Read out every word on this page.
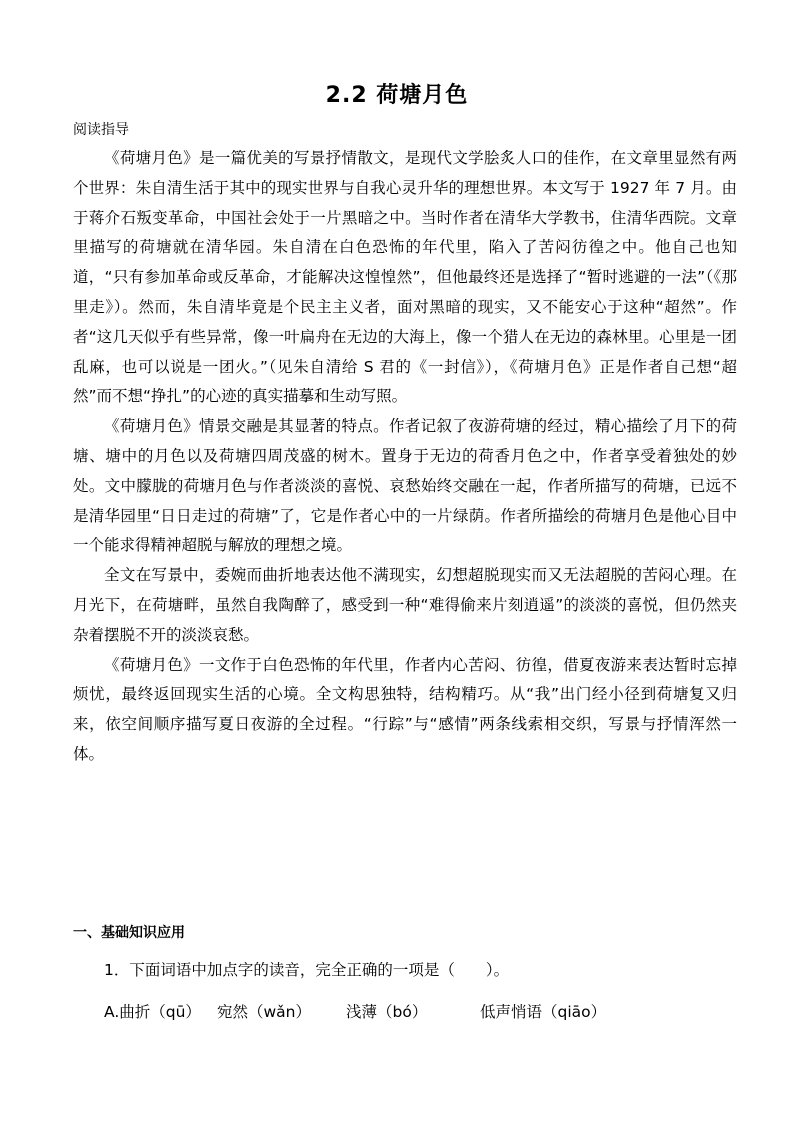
2.2 荷塘月色
阅读指导

《荷塘月色》是一篇优美的写景抒情散文，是现代文学脍炙人口的佳作，在文章里显然有两个世界：朱自清生活于其中的现实世界与自我心灵升华的理想世界。本文写于 1927 年 7 月。由于蒋介石叛变革命，中国社会处于一片黑暗之中。当时作者在清华大学教书，住清华西院。文章里描写的荷塘就在清华园。朱自清在白色恐怖的年代里，陷入了苦闷彷徨之中。他自己也知道，“只有参加革命或反革命，才能解决这惶惶然”，但他最终还是选择了“暂时逃避的一法”（《那里走》）。然而，朱自清毕竟是个民主主义者，面对黑暗的现实，又不能安心于这种“超然”。作者“这几天似乎有些异常，像一叶扁舟在无边的大海上，像一个猎人在无边的森林里。心里是一团乱麻，也可以说是一团火。”（见朱自清给 S 君的《一封信》），《荷塘月色》正是作者自己想“超然”而不想“挣扎”的心迹的真实描摹和生动写照。

《荷塘月色》情景交融是其显著的特点。作者记叙了夜游荷塘的经过，精心描绘了月下的荷塘、塘中的月色以及荷塘四周茂盛的树木。置身于无边的荷香月色之中，作者享受着独处的妙处。文中朦胧的荷塘月色与作者淡淡的喜悦、哀愁始终交融在一起，作者所描写的荷塘，已远不是清华园里“日日走过的荷塘”了，它是作者心中的一片绿荫。作者所描绘的荷塘月色是他心目中一个能求得精神超脱与解放的理想之境。

全文在写景中，委婉而曲折地表达他不满现实，幻想超脱现实而又无法超脱的苦闷心理。在月光下，在荷塘畔，虽然自我陶醉了，感受到一种“难得偷来片刻逍遥”的淡淡的喜悦，但仍然夹杂着摆脱不开的淡淡哀愁。

《荷塘月色》一文作于白色恐怖的年代里，作者内心苦闷、彷徨，借夏夜游来表达暂时忘掉烦忧，最终返回现实生活的心境。全文构思独特，结构精巧。从“我”出门经小径到荷塘复又归来，依空间顺序描写夏日夜游的全过程。“行踪”与“感情”两条线索相交织，写景与抒情浑然一体。

一、基础知识应用
1．下面词语中加点字的读音，完全正确的一项是（　　）。
A.曲折（qū） 宛然（wǎn） 浅薄（bó）	低声悄语（qiāo）
